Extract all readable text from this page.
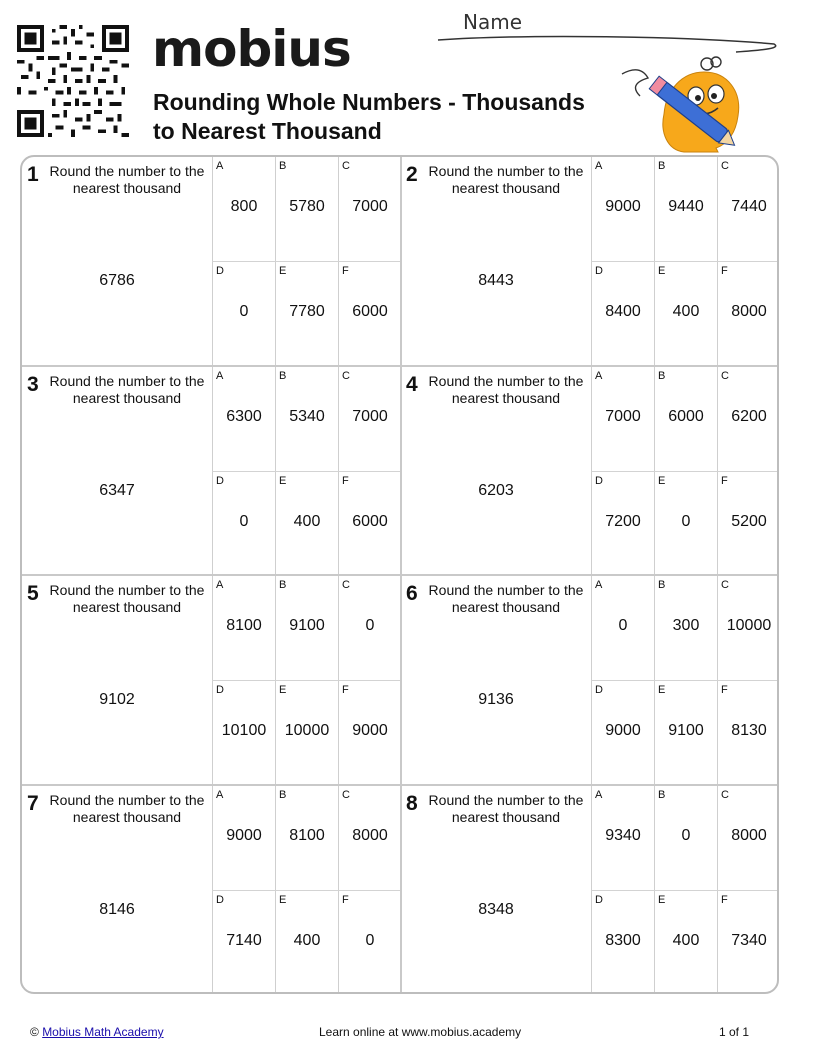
mobius
Rounding Whole Numbers - Thousands
to Nearest Thousand
Name
1 Round the number to the nearest thousand
6786
A
800
B
5780
C
7000
D
0
E
7780
F
6000
2 Round the number to the nearest thousand
8443
A
9000
B
9440
C
7440
D
8400
E
400
F
8000
3 Round the number to the nearest thousand
6347
A
6300
B
5340
C
7000
D
0
E
400
F
6000
4 Round the number to the nearest thousand
6203
A
7000
B
6000
C
6200
D
7200
E
0
F
5200
5 Round the number to the nearest thousand
9102
A
8100
B
9100
C
0
D
10100
E
10000
F
9000
6 Round the number to the nearest thousand
9136
A
0
B
300
C
10000
D
9000
E
9100
F
8130
7 Round the number to the nearest thousand
8146
A
9000
B
8100
C
8000
D
7140
E
400
F
0
8 Round the number to the nearest thousand
8348
A
9340
B
0
C
8000
D
8300
E
400
F
7340
© Mobius Math Academy	Learn online at www.mobius.academy	1 of 1
